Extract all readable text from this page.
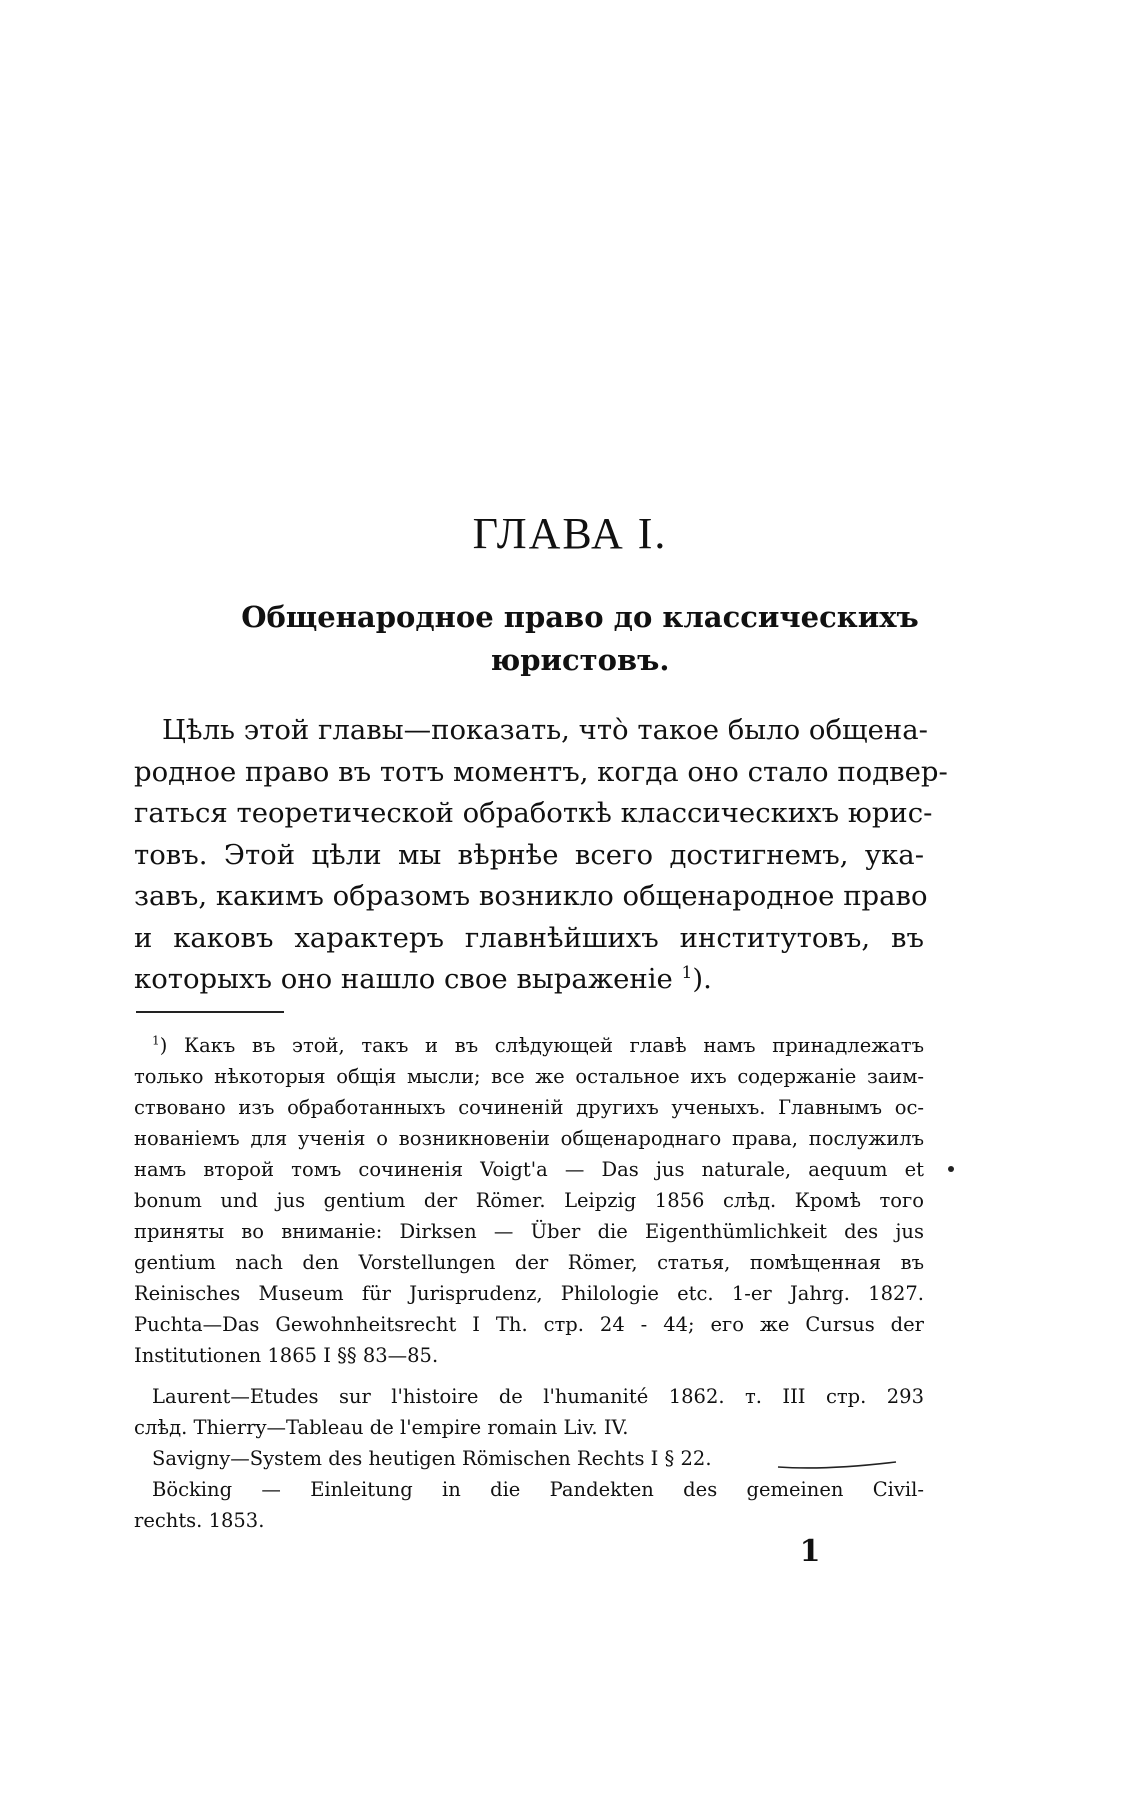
ГЛАВА I.
Общенародное право до классическихъ
юристовъ.
Цѣль этой главы—показать, что̀ такое было общена-
родное право въ тотъ моментъ, когда оно стало подвер-
гаться теоретической обработкѣ классическихъ юрис-
товъ. Этой цѣли мы вѣрнѣе всего достигнемъ, ука-
завъ, какимъ образомъ возникло общенародное право
и каковъ характеръ главнѣйшихъ институтовъ, въ
которыхъ оно нашло свое выраженіе $^1$).
$^1$) Какъ въ этой, такъ и въ слѣдующей главѣ намъ принадлежатъ
только нѣкоторыя общія мысли; все же остальное ихъ содержаніе заим-
ствовано изъ обработанныхъ сочиненій другихъ ученыхъ. Главнымъ ос-
нованіемъ для ученія о возникновеніи общенароднаго права, послужилъ
намъ второй томъ сочиненія Voigt'a — Das jus naturale, aequum et
bonum und jus gentium der Römer. Leipzig 1856 слѣд. Кромѣ того
приняты во вниманіе: Dirksen — Über die Eigenthümlichkeit des jus
gentium nach den Vorstellungen der Römer, статья, помѣщенная въ
Reinisches Museum für Jurisprudenz, Philologie etc. 1-er Jahrg. 1827.
Puchta—Das Gewohnheitsrecht I Th. стр. 24 - 44; его же Cursus der
Institutionen 1865 I §§ 83—85.
Laurent—Etudes sur l'histoire de l'humanité 1862. т. III стр. 293
слѣд. Thierry—Tableau de l'empire romain Liv. IV.
Savigny—System des heutigen Römischen Rechts I § 22.
Böcking — Einleitung in die Pandekten des gemeinen Civil-
rechts. 1853.
1
